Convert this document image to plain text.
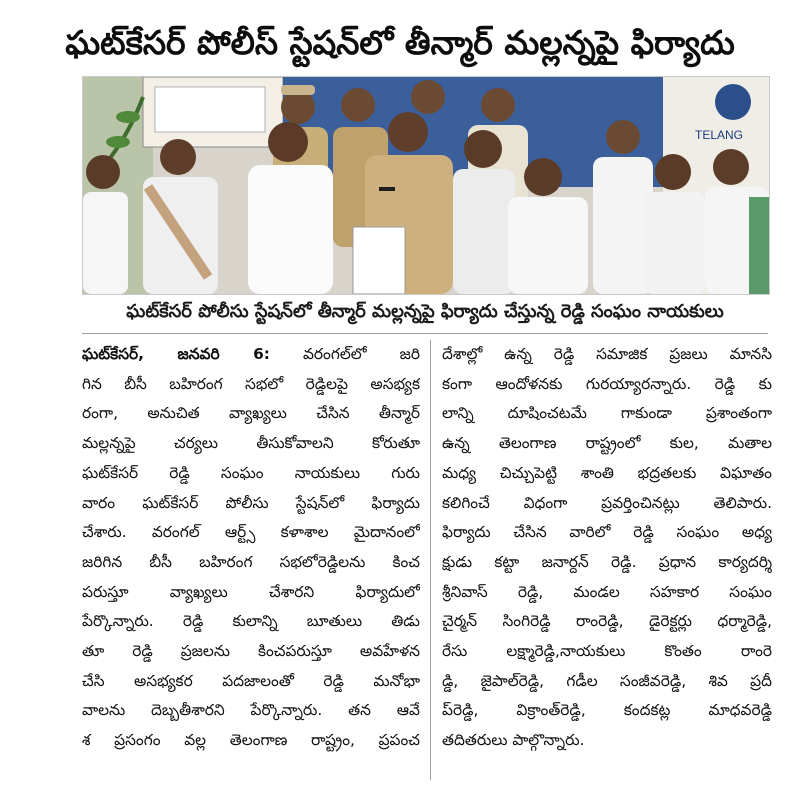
ఘట్‌కేసర్ పోలీస్ స్టేషన్‌లో తీన్మార్ మల్లన్నపై ఫిర్యాదు
TELANG
ఘట్‌కేసర్ పోలీసు స్టేషన్‌లో తీన్మార్ మల్లన్నపై ఫిర్యాదు చేస్తున్న రెడ్డి సంఘం నాయకులు
ఘట్‌కేసర్, జనవరి 6: వరంగల్‌లో జరి
గిన బీసీ బహిరంగ సభలో రెడ్డిలపై అసభ్యక
రంగా, అనుచిత వ్యాఖ్యలు చేసిన తీన్మార్
మల్లన్నపై చర్యలు తీసుకోవాలని కోరుతూ
ఘట్‌కేసర్ రెడ్డి సంఘం నాయకులు గురు
వారం ఘట్‌కేసర్ పోలీసు స్టేషన్‌లో ఫిర్యాదు
చేశారు. వరంగల్ ఆర్ట్స్ కళాశాల మైదానంలో
జరిగిన బీసీ బహిరంగ సభలోరెడ్డిలను కించ
పరుస్తూ వ్యాఖ్యలు చేశారని ఫిర్యాదులో
పేర్కొన్నారు. రెడ్డి కులాన్ని బూతులు తిడు
తూ రెడ్డి ప్రజలను కించపరుస్తూ అవహేళన
చేసి అసభ్యకర పదజాలంతో రెడ్డి మనోభా
వాలను దెబ్బతీశారని పేర్కొన్నారు. తన ఆవే
శ ప్రసంగం వల్ల తెలంగాణ రాష్ట్రం, ప్రపంచ
దేశాల్లో ఉన్న రెడ్డి సమాజిక ప్రజలు మానసి
కంగా ఆందోళనకు గురయ్యారన్నారు. రెడ్డి కు
లాన్ని దూషించటమే గాకుండా ప్రశాంతంగా
ఉన్న తెలంగాణ రాష్ట్రంలో కుల, మతాల
మధ్య చిచ్చుపెట్టి శాంతి భద్రతలకు విఘాతం
కలిగించే విధంగా ప్రవర్తించినట్లు తెలిపారు.
ఫిర్యాదు చేసిన వారిలో రెడ్డి సంఘం అధ్య
క్షుడు కట్టా జనార్దన్ రెడ్డి. ప్రధాన కార్యదర్శి
శ్రీనివాస్ రెడ్డి, మండల సహకార సంఘం
చైర్మన్ సింగిరెడ్డి రాంరెడ్డి, డైరెక్టర్లు ధర్మారెడ్డి,
రేసు లక్ష్మారెడ్డి,నాయకులు కొంతం రాంరె
డ్డి, జైపాల్‌రెడ్డి, గడీల సంజీవరెడ్డి, శివ ప్రదీ
ప్‌రెడ్డి, విక్రాంత్‌రెడ్డి, కందకట్ల మాధవరెడ్డి
తదితరులు పాల్గొన్నారు.
